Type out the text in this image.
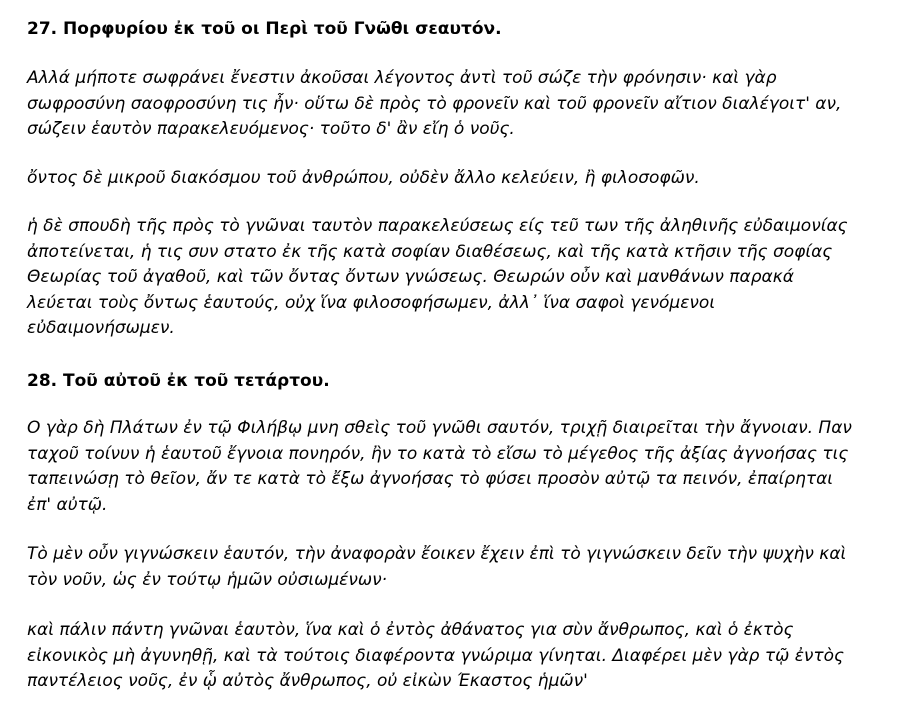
27. Πορφυρίου ἐκ τοῦ οι Περὶ τοῦ Γνῶθι σεαυτόν.

Αλλά μήποτε σωφράνει ἔνεστιν ἀκοῦσαι λέγοντος ἀντὶ τοῦ σώζε τὴν φρόνησιν· καὶ γὰρ
σωφροσύνη σαοφροσύνη τις ἦν· οὕτω δὲ πρὸς τὸ φρονεῖν καὶ τοῦ φρονεῖν αἴτιον διαλέγοιτ' αν,
σώζειν ἑαυτὸν παρακελευόμενος· τοῦτο δ' ἂν εἴη ὁ νοῦς.

ὄντος δὲ μικροῦ διακόσμου τοῦ ἀνθρώπου, οὐδὲν ἄλλο κελεύειν, ἢ φιλοσοφῶν.

ἡ δὲ σπουδὴ τῆς πρὸς τὸ γνῶναι ταυτὸν παρακελεύσεως είς τεῦ των τῆς ἀληθινῆς εὐδαιμονίας
ἀποτείνεται, ἡ τις συν στατο ἐκ τῆς κατὰ σοφίαν διαθέσεως, καὶ τῆς κατὰ κτῆσιν τῆς σοφίας
Θεωρίας τοῦ ἀγαθοῦ, καὶ τῶν ὄντας ὄντων γνώσεως. Θεωρών οὖν καὶ μανθάνων παρακά
λεύεται τοὺς ὄντως ἑαυτούς, οὐχ ἵνα φιλοσοφήσωμεν, ἀλλ᾿ ἵνα σαφοὶ γενόμενοι
εὐδαιμονήσωμεν.

28. Τοῦ αὐτοῦ ἐκ τοῦ τετάρτου.

Ο γὰρ δὴ Πλάτων ἐν τῷ Φιλήβῳ μνη σθεὶς τοῦ γνῶθι σαυτόν, τριχῇ διαιρεῖται τὴν ἄγνοιαν. Παν
ταχοῦ τοίνυν ἡ ἑαυτοῦ ἔγνοια πονηρόν, ἢν το κατὰ τὸ εἴσω τὸ μέγεθος τῆς ἀξίας ἀγνοήσας τις
ταπεινώσῃ τὸ θεῖον, ἄν τε κατὰ τὸ ἔξω ἀγνοήσας τὸ φύσει προσὸν αὐτῷ τα πεινόν, ἐπαίρηται
ἐπ' αὐτῷ.

Τὸ μὲν οὖν γιγνώσκειν ἑαυτόν, τὴν ἀναφορὰν ἔοικεν ἔχειν ἐπὶ τὸ γιγνώσκειν δεῖν τὴν ψυχὴν καὶ
τὸν νοῦν, ὡς ἐν τούτῳ ἡμῶν οὐσιωμένων·

καὶ πάλιν πάντη γνῶναι ἑαυτὸν, ἵνα καὶ ὁ ἐντὸς ἀθάνατος για σὺν ἄνθρωπος, καὶ ὁ ἐκτὸς
εἰκονικὸς μὴ ἀγυνηθῇ, καὶ τὰ τούτοις διαφέροντα γνώριμα γίνηται. Διαφέρει μὲν γὰρ τῷ ἐντὸς
παντέλειος νοῦς, ἐν ᾧ αὐτὸς ἄνθρωπος, οὐ εἰκὼν Έκαστος ἡμῶν'
